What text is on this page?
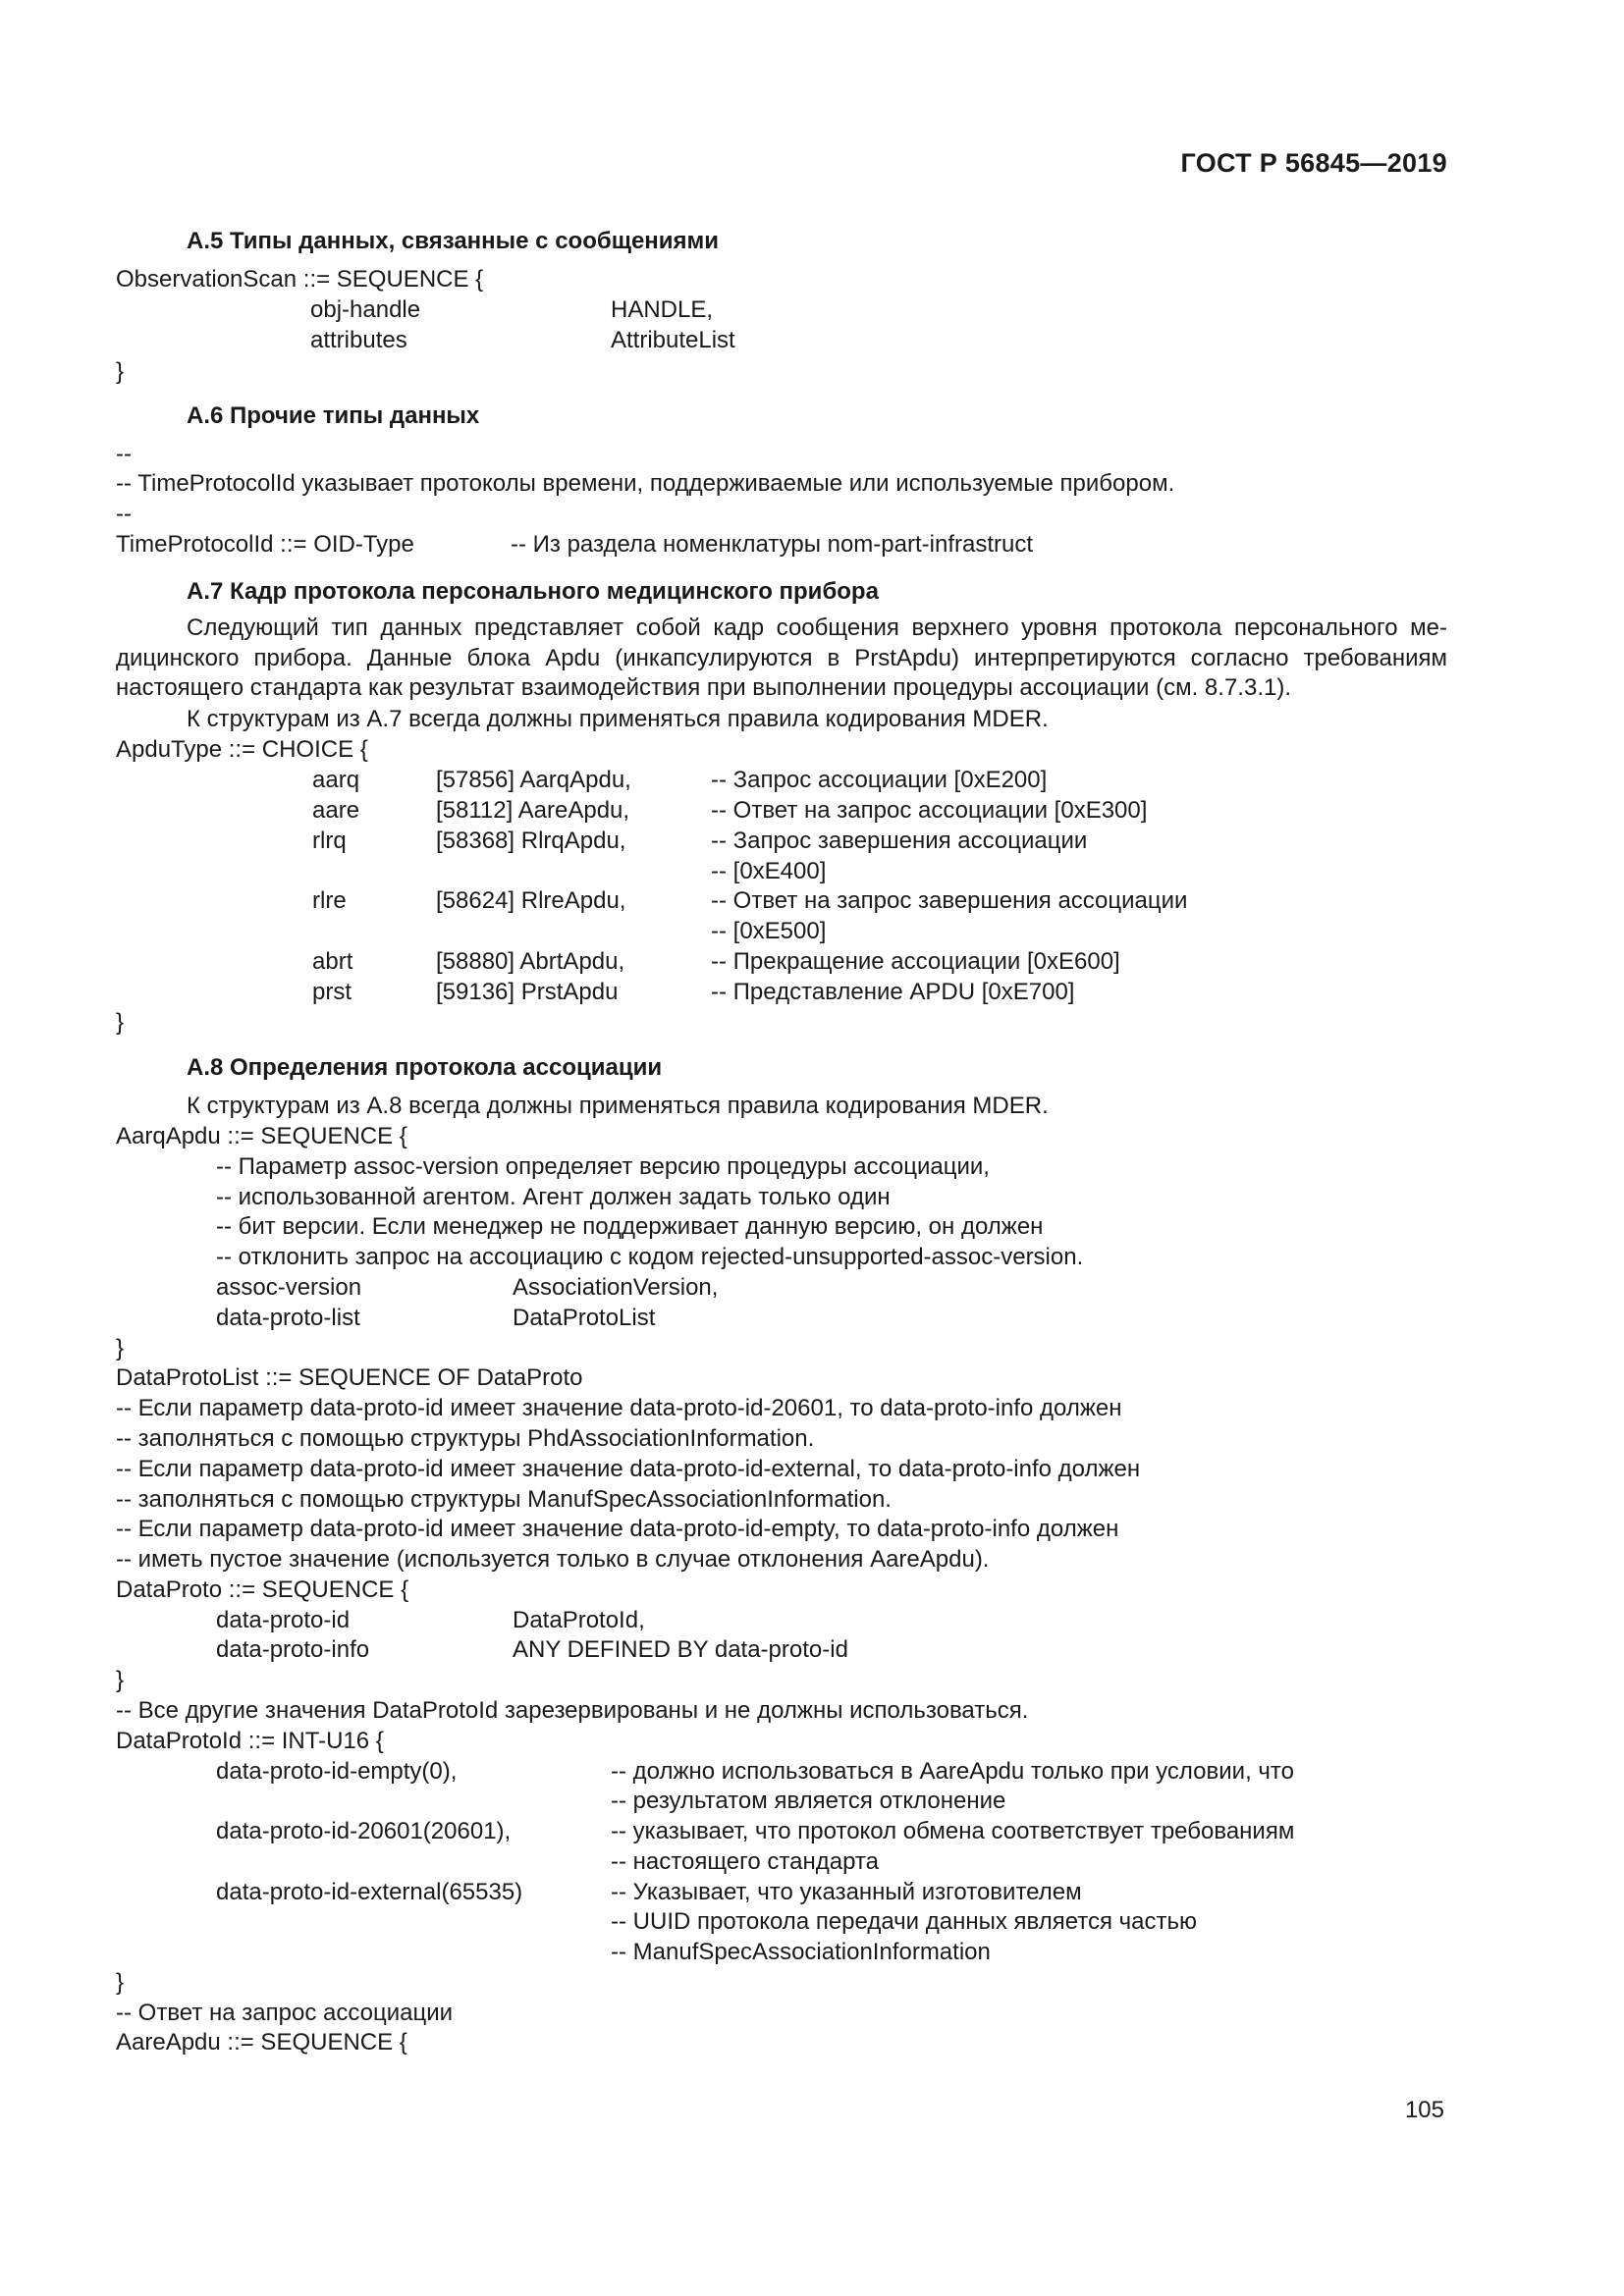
ГОСТ Р 56845—2019
А.5 Типы данных, связанные с сообщениями
ObservationScan ::= SEQUENCE {
obj-handle	HANDLE,
attributes	AttributeList
}
А.6 Прочие типы данных
--
-- TimeProtocolId указывает протоколы времени, поддерживаемые или используемые прибором.
--
TimeProtocolId ::= OID-Type	-- Из раздела номенклатуры nom-part-infrastruct
А.7 Кадр протокола персонального медицинского прибора
Следующий тип данных представляет собой кадр сообщения верхнего уровня протокола персонального ме-
дицинского прибора. Данные блока Apdu (инкапсулируются в PrstApdu) интерпретируются согласно требованиям
настоящего стандарта как результат взаимодействия при выполнении процедуры ассоциации (см. 8.7.3.1).
К структурам из А.7 всегда должны применяться правила кодирования MDER.
ApduType ::= CHOICE {
aarq	[57856] AarqApdu,	-- Запрос ассоциации [0xE200]
aare	[58112] AareApdu,	-- Ответ на запрос ассоциации [0xE300]
rlrq	[58368] RlrqApdu,	-- Запрос завершения ассоциации
-- [0xE400]
rlre	[58624] RlreApdu,	-- Ответ на запрос завершения ассоциации
-- [0xE500]
abrt	[58880] AbrtApdu,	-- Прекращение ассоциации [0xE600]
prst	[59136] PrstApdu	-- Представление APDU [0xE700]
}
А.8 Определения протокола ассоциации
К структурам из А.8 всегда должны применяться правила кодирования MDER.
AarqApdu ::= SEQUENCE {
-- Параметр assoc-version определяет версию процедуры ассоциации,
-- использованной агентом. Агент должен задать только один
-- бит версии. Если менеджер не поддерживает данную версию, он должен
-- отклонить запрос на ассоциацию с кодом rejected-unsupported-assoc-version.
assoc-version	AssociationVersion,
data-proto-list	DataProtoList
}
DataProtoList ::= SEQUENCE OF DataProto
-- Если параметр data-proto-id имеет значение data-proto-id-20601, то data-proto-info должен
-- заполняться с помощью структуры PhdAssociationInformation.
-- Если параметр data-proto-id имеет значение data-proto-id-external, то data-proto-info должен
-- заполняться с помощью структуры ManufSpecAssociationInformation.
-- Если параметр data-proto-id имеет значение data-proto-id-empty, то data-proto-info должен
-- иметь пустое значение (используется только в случае отклонения AareApdu).
DataProto ::= SEQUENCE {
data-proto-id	DataProtoId,
data-proto-info	ANY DEFINED BY data-proto-id
}
-- Все другие значения DataProtoId зарезервированы и не должны использоваться.
DataProtoId ::= INT-U16 {
data-proto-id-empty(0),	-- должно использоваться в AareApdu только при условии, что
-- результатом является отклонение
data-proto-id-20601(20601),	-- указывает, что протокол обмена соответствует требованиям
-- настоящего стандарта
data-proto-id-external(65535)	-- Указывает, что указанный изготовителем
-- UUID протокола передачи данных является частью
-- ManufSpecAssociationInformation
}
-- Ответ на запрос ассоциации
AareApdu ::= SEQUENCE {
105
